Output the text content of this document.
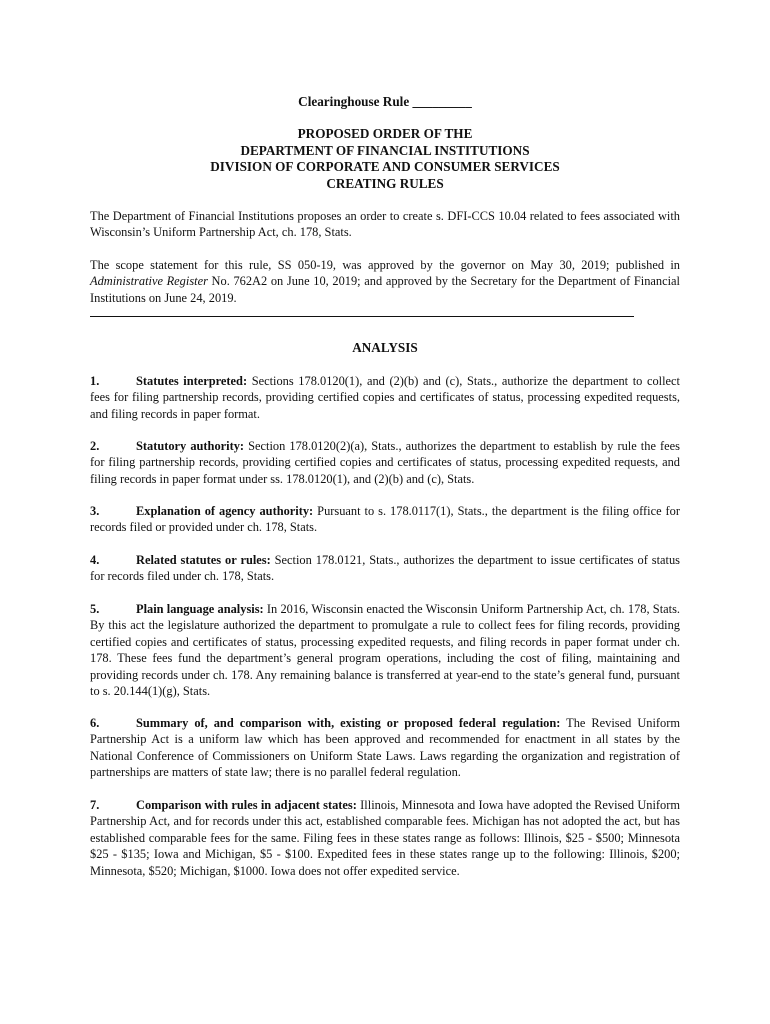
Clearinghouse Rule _________
PROPOSED ORDER OF THE
DEPARTMENT OF FINANCIAL INSTITUTIONS
DIVISION OF CORPORATE AND CONSUMER SERVICES
CREATING RULES
The Department of Financial Institutions proposes an order to create s. DFI-CCS 10.04 related to fees associated with Wisconsin’s Uniform Partnership Act, ch. 178, Stats.
The scope statement for this rule, SS 050-19, was approved by the governor on May 30, 2019; published in Administrative Register No. 762A2 on June 10, 2019; and approved by the Secretary for the Department of Financial Institutions on June 24, 2019.
ANALYSIS
1.	Statutes interpreted: Sections 178.0120(1), and (2)(b) and (c), Stats., authorize the department to collect fees for filing partnership records, providing certified copies and certificates of status, processing expedited requests, and filing records in paper format.
2.	Statutory authority: Section 178.0120(2)(a), Stats., authorizes the department to establish by rule the fees for filing partnership records, providing certified copies and certificates of status, processing expedited requests, and filing records in paper format under ss. 178.0120(1), and (2)(b) and (c), Stats.
3.	Explanation of agency authority: Pursuant to s. 178.0117(1), Stats., the department is the filing office for records filed or provided under ch. 178, Stats.
4.	Related statutes or rules: Section 178.0121, Stats., authorizes the department to issue certificates of status for records filed under ch. 178, Stats.
5.	Plain language analysis: In 2016, Wisconsin enacted the Wisconsin Uniform Partnership Act, ch. 178, Stats. By this act the legislature authorized the department to promulgate a rule to collect fees for filing records, providing certified copies and certificates of status, processing expedited requests, and filing records in paper format under ch. 178. These fees fund the department’s general program operations, including the cost of filing, maintaining and providing records under ch. 178. Any remaining balance is transferred at year-end to the state’s general fund, pursuant to s. 20.144(1)(g), Stats.
6.	Summary of, and comparison with, existing or proposed federal regulation: The Revised Uniform Partnership Act is a uniform law which has been approved and recommended for enactment in all states by the National Conference of Commissioners on Uniform State Laws. Laws regarding the organization and registration of partnerships are matters of state law; there is no parallel federal regulation.
7.	Comparison with rules in adjacent states: Illinois, Minnesota and Iowa have adopted the Revised Uniform Partnership Act, and for records under this act, established comparable fees. Michigan has not adopted the act, but has established comparable fees for the same. Filing fees in these states range as follows: Illinois, $25 - $500; Minnesota $25 - $135; Iowa and Michigan, $5 - $100. Expedited fees in these states range up to the following: Illinois, $200; Minnesota, $520; Michigan, $1000. Iowa does not offer expedited service.
